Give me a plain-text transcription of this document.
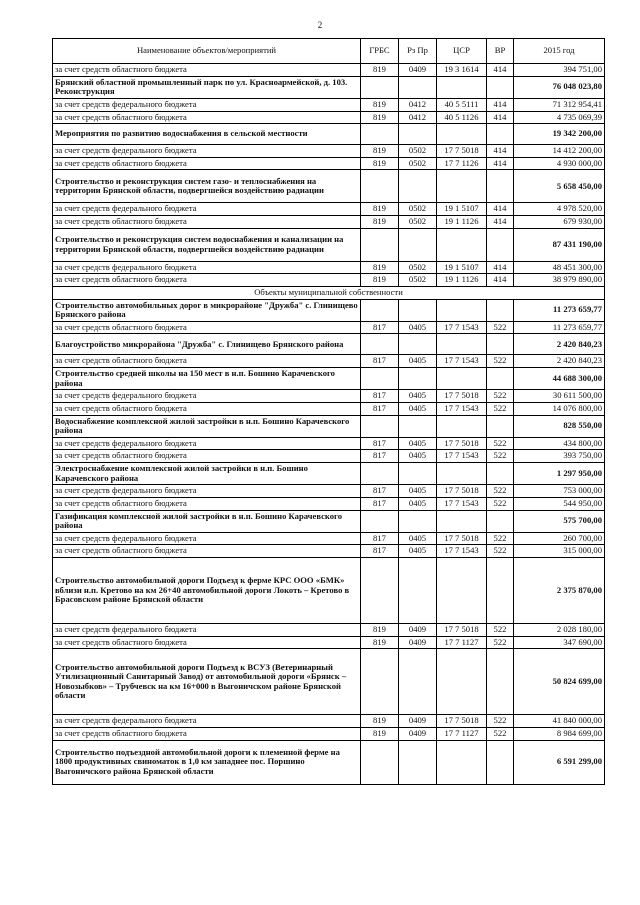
2
Наименование объектов/мероприятий	ГРБС	Рз Пр	ЦСР	ВР	2015 год
за счет средств областного бюджета	819	0409	19 3 1614	414	394 751,00
Брянский областной промышленный парк по ул. Красноармейской, д. 103. Реконструкция					76 048 023,80
за счет средств федерального бюджета	819	0412	40 5 5111	414	71 312 954,41
за счет средств областного бюджета	819	0412	40 5 1126	414	4 735 069,39
Мероприятия по развитию водоснабжения в сельской местности					19 342 200,00
за счет средств федерального бюджета	819	0502	17 7 5018	414	14 412 200,00
за счет средств областного бюджета	819	0502	17 7 1126	414	4 930 000,00
Строительство и реконструкция систем газо- и теплоснабжения на территории Брянской области, подвергшейся воздействию радиации					5 658 450,00
за счет средств федерального бюджета	819	0502	19 1 5107	414	4 978 520,00
за счет средств областного бюджета	819	0502	19 1 1126	414	679 930,00
Строительство и реконструкция систем водоснабжения и канализации на территории Брянской области, подвергшейся воздействию радиации					87 431 190,00
за счет средств федерального бюджета	819	0502	19 1 5107	414	48 451 300,00
за счет средств областного бюджета	819	0502	19 1 1126	414	38 979 890,00
Объекты муниципальной собственности					
Строительство автомобильных дорог в микрорайоне "Дружба" с. Глинищево Брянского района					11 273 659,77
за счет средств областного бюджета	817	0405	17 7 1543	522	11 273 659,77
Благоустройство микрорайона "Дружба" с. Глинищево Брянского района					2 420 840,23
за счет средств областного бюджета	817	0405	17 7 1543	522	2 420 840,23
Строительство средней школы на 150 мест в н.п. Бошино Карачевского района					44 688 300,00
за счет средств федерального бюджета	817	0405	17 7 5018	522	30 611 500,00
за счет средств областного бюджета	817	0405	17 7 1543	522	14 076 800,00
Водоснабжение комплексной жилой застройки в н.п. Бошино Карачевского района					828 550,00
за счет средств федерального бюджета	817	0405	17 7 5018	522	434 800,00
за счет средств областного бюджета	817	0405	17 7 1543	522	393 750,00
Электроснабжение комплексной жилой застройки в н.п. Бошино Карачевского района					1 297 950,00
за счет средств федерального бюджета	817	0405	17 7 5018	522	753 000,00
за счет средств областного бюджета	817	0405	17 7 1543	522	544 950,00
Газификация комплексной жилой застройки в н.п. Бошино Карачевского района					575 700,00
за счет средств федерального бюджета	817	0405	17 7 5018	522	260 700,00
за счет средств областного бюджета	817	0405	17 7 1543	522	315 000,00
Строительство автомобильной дороги Подъезд к ферме КРС ООО «БМК» вблизи н.п. Кретово на км 26+40 автомобильной дороги Локоть – Кретово в Брасовском районе Брянской области					2 375 870,00
за счет средств федерального бюджета	819	0409	17 7 5018	522	2 028 180,00
за счет средств областного бюджета	819	0409	17 7 1127	522	347 690,00
Строительство автомобильной дороги Подъезд к ВСУЗ (Ветеринарный Утилизационный Санитарный Завод) от автомобильной дороги «Брянск – Новозыбков» – Трубчевск на км 16+000 в Выгоничском районе Брянской области					50 824 699,00
за счет средств федерального бюджета	819	0409	17 7 5018	522	41 840 000,00
за счет средств областного бюджета	819	0409	17 7 1127	522	8 984 699,00
Строительство подъездной автомобильной дороги к племенной ферме на 1800 продуктивных свиноматок в 1,0 км западнее пос. Поршино Выгоничского района Брянской области					6 591 299,00
